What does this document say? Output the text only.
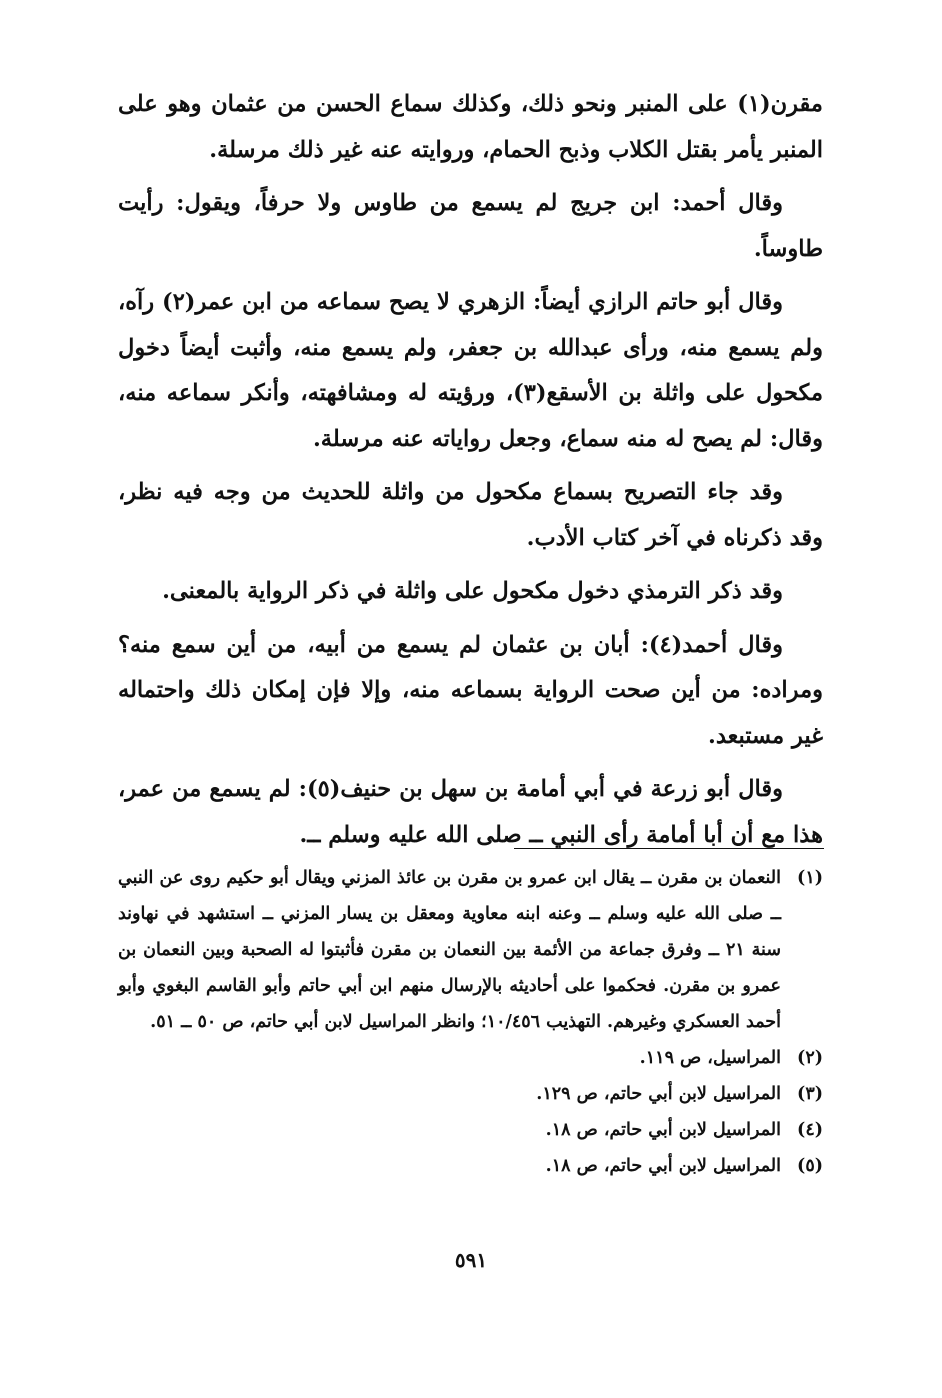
مقرن(١) على المنبر ونحو ذلك، وكذلك سماع الحسن من عثمان وهو على المنبر يأمر بقتل الكلاب وذبح الحمام، وروايته عنه غير ذلك مرسلة.

وقال أحمد: ابن جريج لم يسمع من طاوس ولا حرفاً، ويقول: رأيت طاوساً.

وقال أبو حاتم الرازي أيضاً: الزهري لا يصح سماعه من ابن عمر(٢) رآه، ولم يسمع منه، ورأى عبدالله بن جعفر، ولم يسمع منه، وأثبت أيضاً دخول مكحول على واثلة بن الأسقع(٣)، ورؤيته له ومشافهته، وأنكر سماعه منه، وقال: لم يصح له منه سماع، وجعل رواياته عنه مرسلة.

وقد جاء التصريح بسماع مكحول من واثلة للحديث من وجه فيه نظر، وقد ذكرناه في آخر كتاب الأدب.

وقد ذكر الترمذي دخول مكحول على واثلة في ذكر الرواية بالمعنى.

وقال أحمد(٤): أبان بن عثمان لم يسمع من أبيه، من أين سمع منه؟ ومراده: من أين صحت الرواية بسماعه منه، وإلا فإن إمكان ذلك واحتماله غير مستبعد.

وقال أبو زرعة في أبي أمامة بن سهل بن حنيف(٥): لم يسمع من عمر، هذا مع أن أبا أمامة رأى النبي ــ صلى الله عليه وسلم ــ.

(١)
النعمان بن مقرن ــ يقال ابن عمرو بن مقرن بن عائذ المزني ويقال أبو حكيم روى عن النبي ــ صلى الله عليه وسلم ــ وعنه ابنه معاوية ومعقل بن يسار المزني ــ استشهد في نهاوند سنة ٢١ ــ وفرق جماعة من الأئمة بين النعمان بن مقرن فأثبتوا له الصحبة وبين النعمان بن عمرو بن مقرن. فحكموا على أحاديثه بالإرسال منهم ابن أبي حاتم وأبو القاسم البغوي وأبو أحمد العسكري وغيرهم. التهذيب ١٠/٤٥٦؛ وانظر المراسيل لابن أبي حاتم، ص ٥٠ ــ ٥١.
(٢)
المراسيل، ص ١١٩.
(٣)
المراسيل لابن أبي حاتم، ص ١٢٩.
(٤)
المراسيل لابن أبي حاتم، ص ١٨.
(٥)
المراسيل لابن أبي حاتم، ص ١٨.
٥٩١
